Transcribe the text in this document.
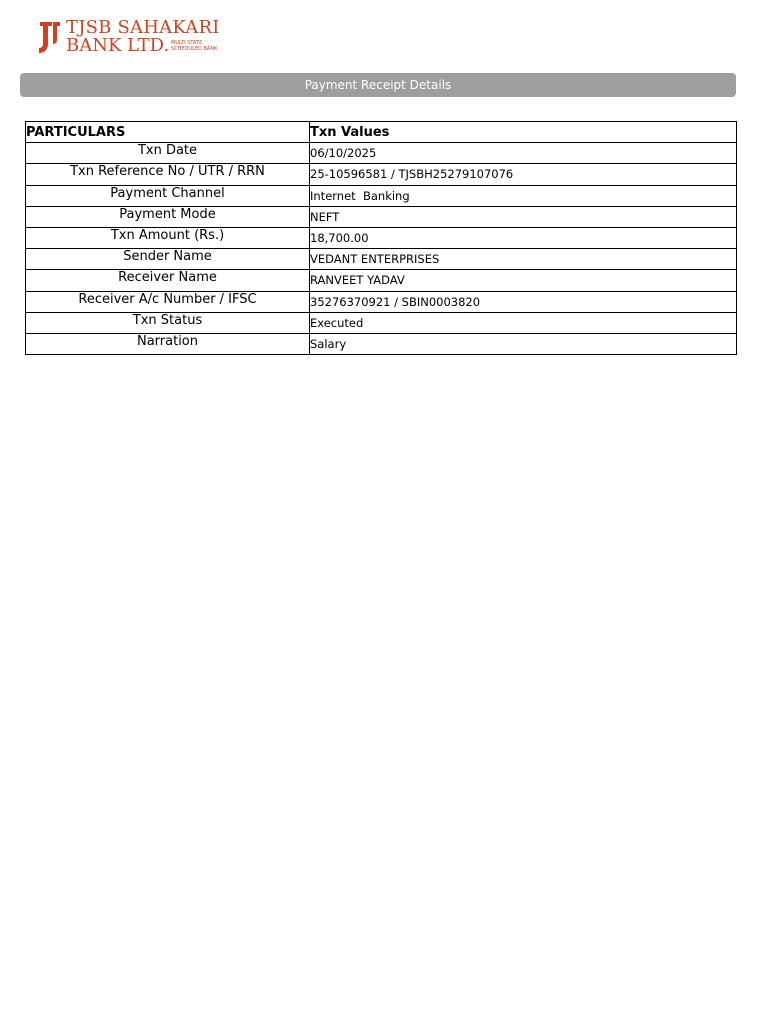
TJSB SAHAKARI
BANK LTD. MULTI STATE
SCHEDULED BANK
Payment Receipt Details
PARTICULARS	Txn Values
Txn Date	06/10/2025
Txn Reference No / UTR / RRN	25-10596581 / TJSBH25279107076
Payment Channel	Internet  Banking
Payment Mode	NEFT
Txn Amount (Rs.)	18,700.00
Sender Name	VEDANT ENTERPRISES
Receiver Name	RANVEET YADAV
Receiver A/c Number / IFSC	35276370921 / SBIN0003820
Txn Status	Executed
Narration	Salary
